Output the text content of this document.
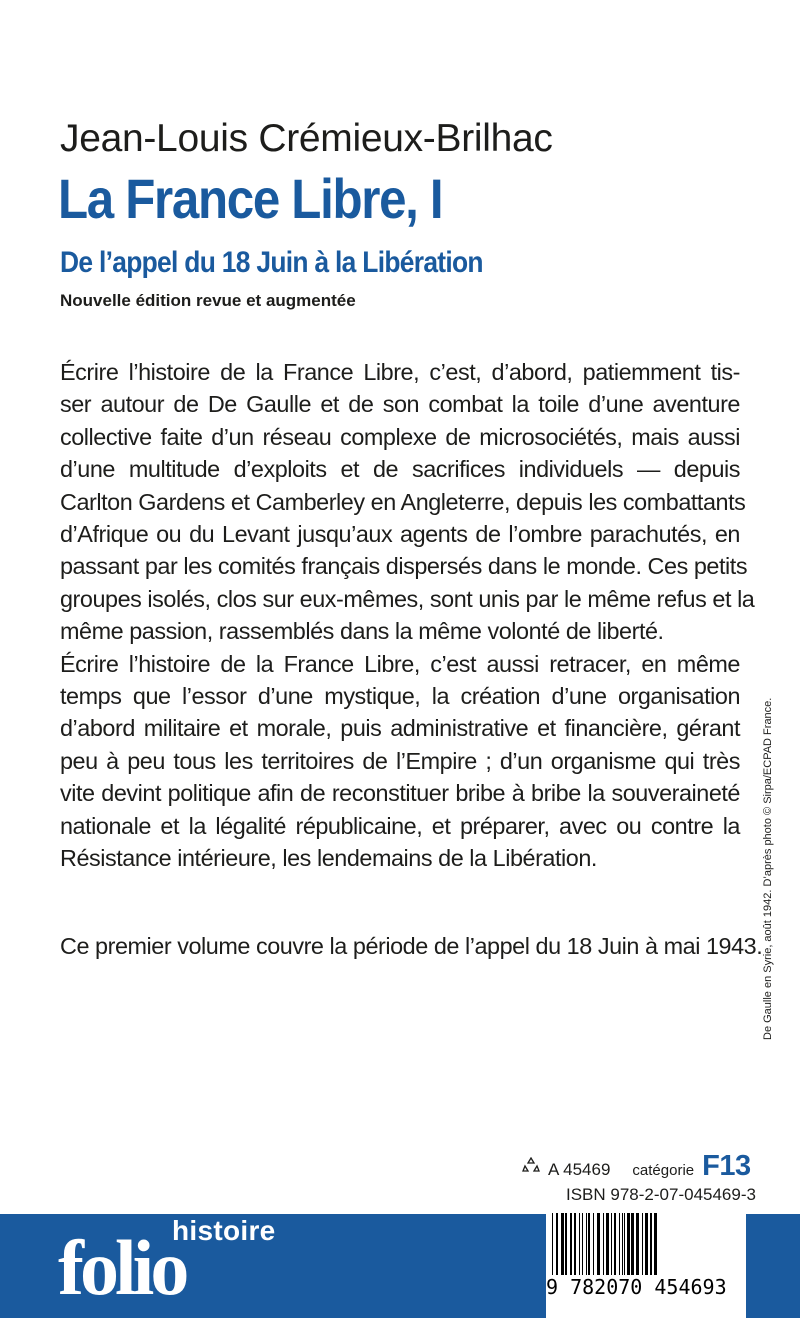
Jean-Louis Crémieux-Brilhac
La France Libre, I
De l’appel du 18 Juin à la Libération
Nouvelle édition revue et augmentée
Écrire l’histoire de la France Libre, c’est, d’abord, patiemment tis-
ser autour de De Gaulle et de son combat la toile d’une aventure
collective faite d’un réseau complexe de microsociétés, mais aussi
d’une multitude d’exploits et de sacrifices individuels — depuis
Carlton Gardens et Camberley en Angleterre, depuis les combattants
d’Afrique ou du Levant jusqu’aux agents de l’ombre parachutés, en
passant par les comités français dispersés dans le monde. Ces petits
groupes isolés, clos sur eux-mêmes, sont unis par le même refus et la
même passion, rassemblés dans la même volonté de liberté.
Écrire l’histoire de la France Libre, c’est aussi retracer, en même
temps que l’essor d’une mystique, la création d’une organisation
d’abord militaire et morale, puis administrative et financière, gérant
peu à peu tous les territoires de l’Empire ; d’un organisme qui très
vite devint politique afin de reconstituer bribe à bribe la souveraineté
nationale et la légalité républicaine, et préparer, avec ou contre la
Résistance intérieure, les lendemains de la Libération.
Ce premier volume couvre la période de l’appel du 18 Juin à mai 1943. De Gaulle en Syrie, août 1942. D’après photo © Sirpa/ECPAD France.
A 45469 catégorie F13
ISBN 978-2-07-045469-3
folio
histoire
9 782070 454693
